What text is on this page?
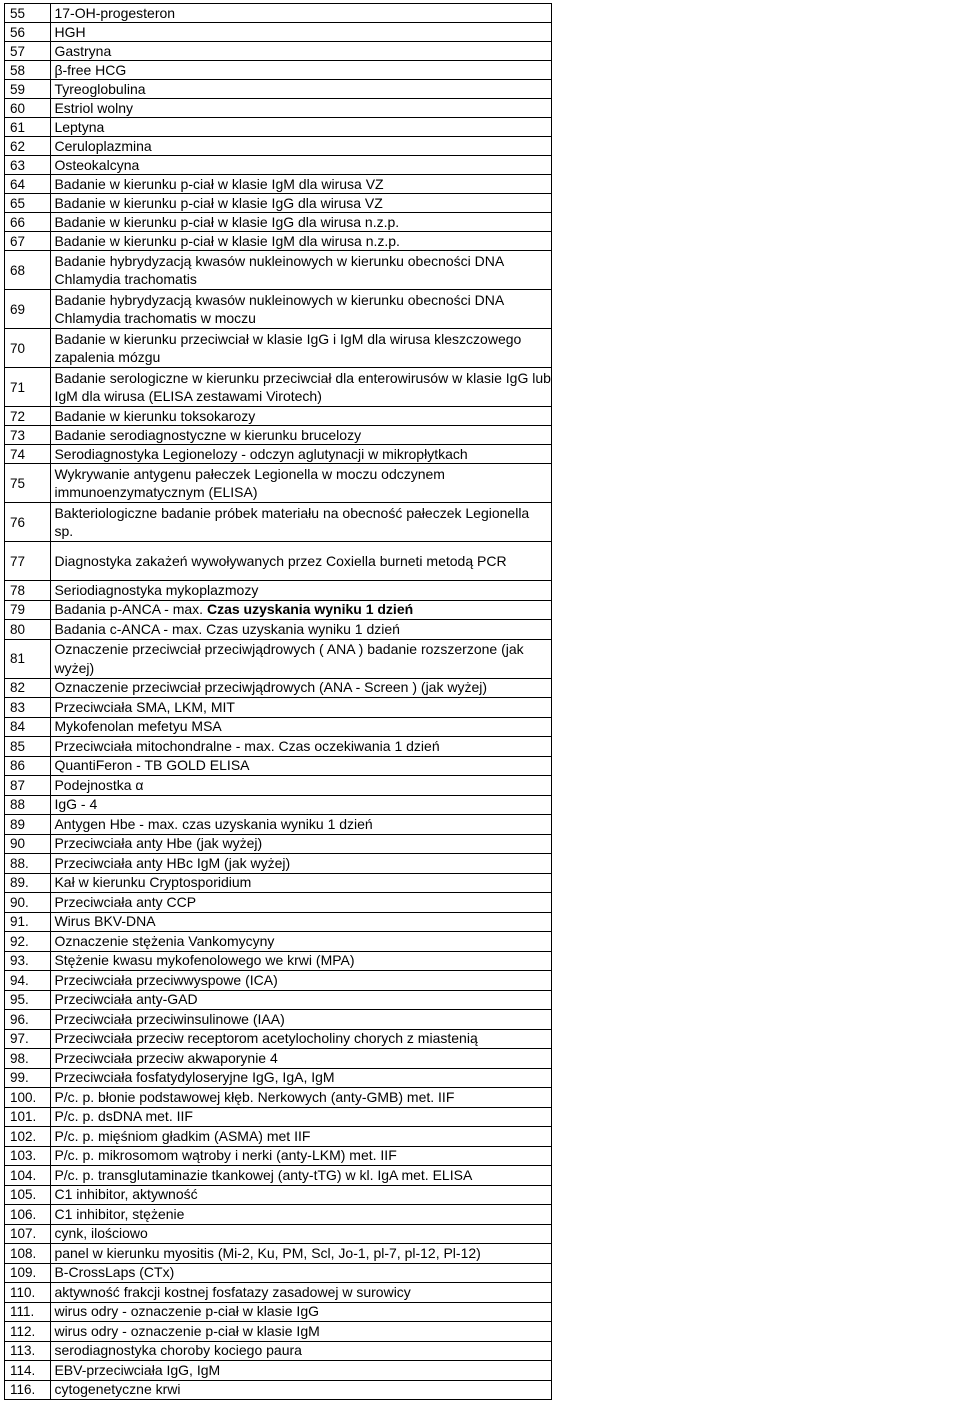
55	17-OH-progesteron
56	HGH
57	Gastryna
58	β-free HCG
59	Tyreoglobulina
60	Estriol wolny
61	Leptyna
62	Ceruloplazmina
63	Osteokalcyna
64	Badanie w kierunku p-ciał w klasie IgM dla wirusa VZ
65	Badanie w kierunku p-ciał w klasie IgG dla wirusa VZ
66	Badanie w kierunku p-ciał w klasie IgG dla wirusa n.z.p.
67	Badanie w kierunku p-ciał w klasie IgM dla wirusa n.z.p.
68	Badanie hybrydyzacją kwasów nukleinowych w kierunku obecności DNA Chlamydia trachomatis
69	Badanie hybrydyzacją kwasów nukleinowych w kierunku obecności DNA Chlamydia trachomatis w moczu
70	Badanie w kierunku przeciwciał w klasie IgG i IgM dla wirusa kleszczowego zapalenia mózgu
71	Badanie serologiczne w kierunku przeciwciał dla enterowirusów w klasie IgG lub IgM dla wirusa (ELISA zestawami Virotech)
72	Badanie w kierunku toksokarozy
73	Badanie serodiagnostyczne w kierunku brucelozy
74	Serodiagnostyka Legionelozy - odczyn aglutynacji w mikropłytkach
75	Wykrywanie antygenu pałeczek Legionella w moczu odczynem immunoenzymatycznym (ELISA)
76	Bakteriologiczne badanie próbek materiału na obecność pałeczek Legionella sp.
77	Diagnostyka zakażeń wywoływanych przez Coxiella burneti metodą PCR
78	Seriodiagnostyka mykoplazmozy
79	Badania p-ANCA - max. Czas uzyskania wyniku 1 dzień
80	Badania c-ANCA - max. Czas uzyskania wyniku 1 dzień
81	Oznaczenie przeciwciał przeciwjądrowych ( ANA ) badanie rozszerzone (jak wyżej)
82	Oznaczenie przeciwciał przeciwjądrowych (ANA - Screen ) (jak wyżej)
83	Przeciwciała SMA, LKM, MIT
84	Mykofenolan mefetyu MSA
85	Przeciwciała mitochondralne - max. Czas oczekiwania 1 dzień
86	QuantiFeron - TB GOLD ELISA
87	Podejnostka α
88	IgG - 4
89	Antygen Hbe - max. czas uzyskania wyniku 1 dzień
90	Przeciwciała anty Hbe (jak wyżej)
88.	Przeciwciała anty HBc IgM (jak wyżej)
89.	Kał w kierunku Cryptosporidium
90.	Przeciwciała anty CCP
91.	Wirus BKV-DNA
92.	Oznaczenie stężenia Vankomycyny
93.	Stężenie kwasu mykofenolowego we krwi (MPA)
94.	Przeciwciała przeciwwyspowe (ICA)
95.	Przeciwciała anty-GAD
96.	Przeciwciała przeciwinsulinowe (IAA)
97.	Przeciwciała przeciw receptorom acetylocholiny chorych z miastenią
98.	Przeciwciała przeciw akwaporynie 4
99.	Przeciwciała fosfatydyloseryjne IgG, IgA, IgM
100.	P/c. p. błonie podstawowej kłęb. Nerkowych (anty-GMB) met. IIF
101.	P/c. p. dsDNA met. IIF
102.	P/c. p. mięśniom gładkim (ASMA) met IIF
103.	P/c. p. mikrosomom wątroby i nerki (anty-LKM) met. IIF
104.	P/c. p. transglutaminazie tkankowej (anty-tTG) w kl. IgA met. ELISA
105.	C1 inhibitor, aktywność
106.	C1 inhibitor, stężenie
107.	cynk, ilościowo
108.	panel w kierunku myositis (Mi-2, Ku, PM, Scl, Jo-1, pl-7, pl-12, Pl-12)
109.	B-CrossLaps (CTx)
110.	aktywność frakcji kostnej fosfatazy zasadowej w surowicy
111.	wirus odry - oznaczenie p-ciał w klasie IgG
112.	wirus odry - oznaczenie p-ciał w klasie IgM
113.	serodiagnostyka choroby kociego paura
114.	EBV-przeciwciała IgG, IgM
116.	cytogenetyczne krwi
